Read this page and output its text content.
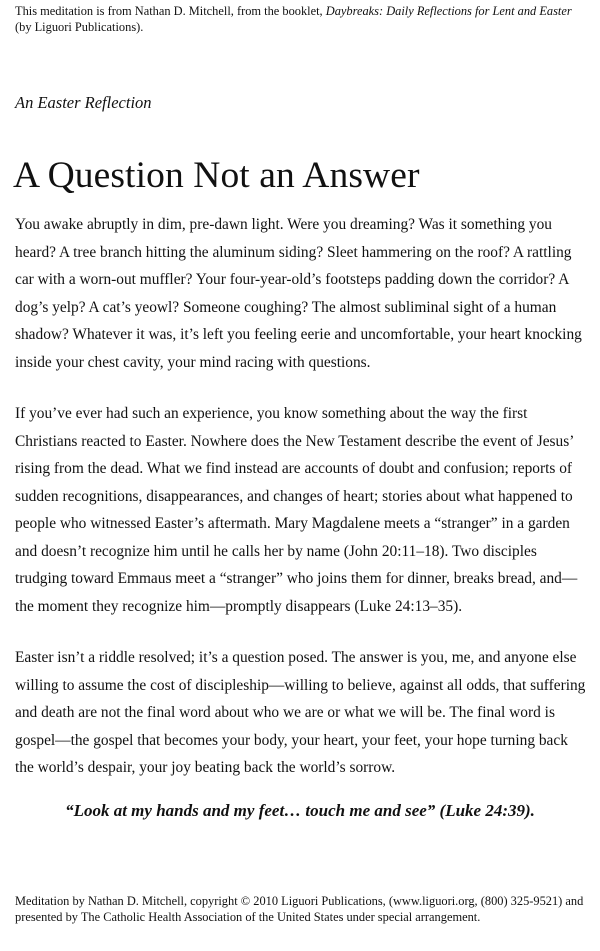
This meditation is from Nathan D. Mitchell, from the booklet, Daybreaks: Daily Reflections for Lent and Easter (by Liguori Publications).

An Easter Reflection

A Question Not an Answer

You awake abruptly in dim, pre-dawn light. Were you dreaming? Was it something you heard? A tree branch hitting the aluminum siding? Sleet hammering on the roof? A rattling car with a worn-out muffler? Your four-year-old’s footsteps padding down the corridor? A dog’s yelp? A cat’s yeowl? Someone coughing? The almost subliminal sight of a human shadow? Whatever it was, it’s left you feeling eerie and uncomfortable, your heart knocking inside your chest cavity, your mind racing with questions.

If you’ve ever had such an experience, you know something about the way the first Christians reacted to Easter. Nowhere does the New Testament describe the event of Jesus’ rising from the dead. What we find instead are accounts of doubt and confusion; reports of sudden recognitions, disappearances, and changes of heart; stories about what happened to people who witnessed Easter’s aftermath. Mary Magdalene meets a “stranger” in a garden and doesn’t recognize him until he calls her by name (John 20:11–18). Two disciples trudging toward Emmaus meet a “stranger” who joins them for dinner, breaks bread, and—the moment they recognize him—promptly disappears (Luke 24:13–35).

Easter isn’t a riddle resolved; it’s a question posed. The answer is you, me, and anyone else willing to assume the cost of discipleship—willing to believe, against all odds, that suffering and death are not the final word about who we are or what we will be. The final word is gospel—the gospel that becomes your body, your heart, your feet, your hope turning back the world’s despair, your joy beating back the world’s sorrow.

“Look at my hands and my feet… touch me and see” (Luke 24:39).

Meditation by Nathan D. Mitchell, copyright © 2010 Liguori Publications, (www.liguori.org, (800) 325-9521) and presented by The Catholic Health Association of the United States under special arrangement.
